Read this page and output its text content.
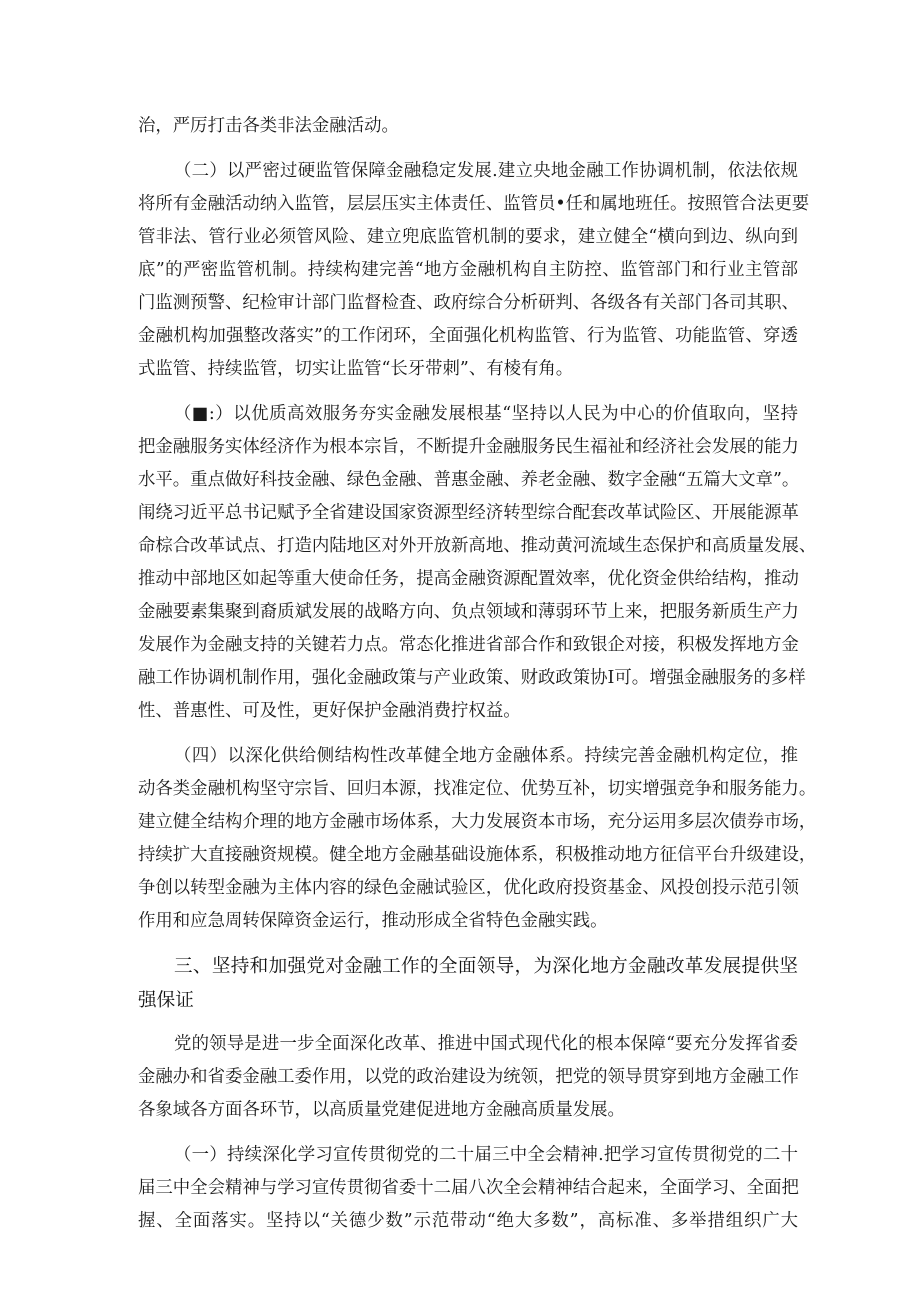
治，严厉打击各类非法金融活动。
（二）以严密过硬监管保障金融稳定发展.建立央地金融工作协调机制，依法依规
将所有金融活动纳入监管，层层压实主体责任、监管员•任和属地班任。按照管合法更要
管非法、管行业必须管风险、建立兜底监管机制的要求，建立健全“横向到边、纵向到
底”的严密监管机制。持续构建完善“地方金融机构自主防控、监管部门和行业主管部
门监测预警、纪检审计部门监督检査、政府综合分析研判、各级各有关部门各司其职、
金融机构加强整改落实”的工作闭环，全面强化机构监管、行为监管、功能监管、穿透
式监管、持续监管，切实让监管“长牙带刺”、有棱有角。
（■:）以优质高效服务夯实金融发展根基“坚持以人民为中心的价值取向，坚持
把金融服务实体经济作为根本宗旨，不断提升金融服务民生福祉和经济社会发展的能力
水平。重点做好科技金融、绿色金融、普惠金融、养老金融、数字金融“五篇大文章”。
闱绕习近平总书记赋予全省建设国家资源型经济转型综合配套改革试险区、开展能源革
命棕合改革试点、打造内陆地区对外开放新高地、推动黄河流域生态保护和高质量发展、
推动中部地区如起等重大使命任务，提高金融资源配置效率，优化资金供给结构，推动
金融要素集聚到裔质斌发展的战略方向、负点领域和薄弱环节上来，把服务新质生产力
发展作为金融支持的关键若力点。常态化推进省部合作和致银企对接，积极发挥地方金
融工作协调机制作用，强化金融政策与产业政策、财政政策协I可。增强金融服务的多样
性、普惠性、可及性，更好保护金融消费拧权益。
（四）以深化供给侧结构性改革健全地方金融体系。持续完善金融机构定位，推
动各类金融机构坚守宗旨、回归本源，找准定位、优势互补，切实增强竞争和服务能力。
建立健全结构介理的地方金融市场体系，大力发展资本市场，充分运用多层次债券市场，
持续扩大直接融资规模。健全地方金融基础设施体系，积极推动地方征信平台升级建设，
争创以转型金融为主体内容的绿色金融试验区，优化政府投资基金、风投创投示范引领
作用和应急周转保障资金运行，推动形成全省特色金融实践。
三、坚持和加强党对金融工作的全面领导，为深化地方金融改革发展提供坚
强保证
党的领导是进一步全面深化改革、推进中国式现代化的根本保障“要充分发挥省委
金融办和省委金融工委作用，以党的政治建设为统领，把党的领导贯穿到地方金融工作
各象域各方面各环节，以高质量党建促进地方金融高质量发展。
（一）持续深化学习宣传贯彻党的二十届三中全会精神.把学习宣传贯彻党的二十
届三中全会精神与学习宣传贯彻省委十二届八次全会精神结合起来，全面学习、全面把
握、全面落实。坚持以“关德少数”示范带动“绝大多数”，高标准、多举措组织广大
